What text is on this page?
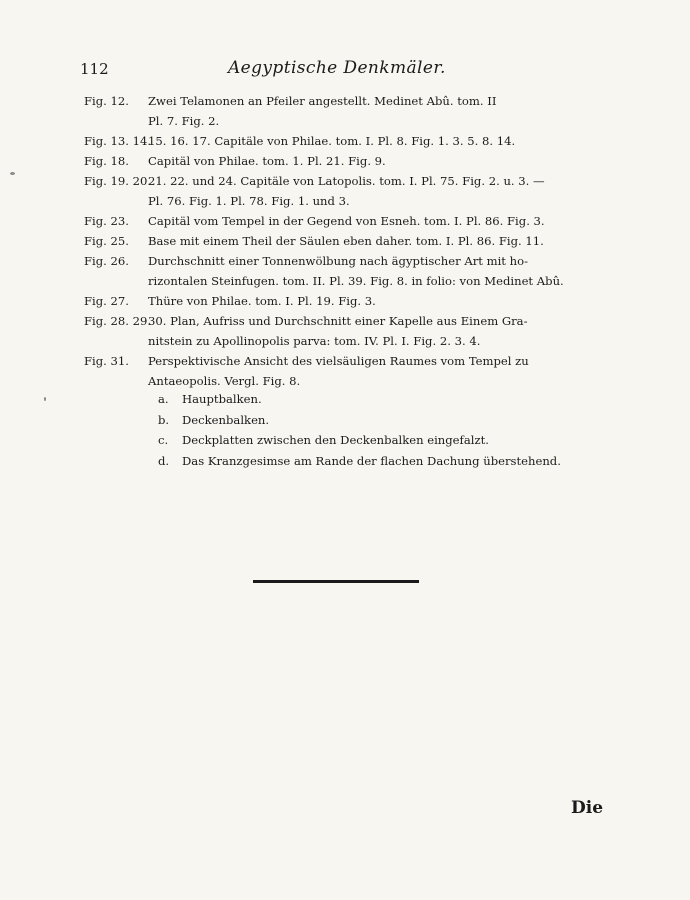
112	Aegyptische Denkmäler.
Fig. 12. Zwei Telamonen an Pfeiler angestellt. Medinet Abû. tom. II
Pl. 7. Fig. 2.
Fig. 13. 14.
15. 16. 17. Capitäle von Philae. tom. I. Pl. 8. Fig. 1. 3. 5. 8. 14.
Fig. 18. Capitäl von Philae. tom. 1. Pl. 21. Fig. 9.
Fig. 19. 20.
21. 22. und 24. Capitäle von Latopolis. tom. I. Pl. 75. Fig. 2. u. 3. —
Pl. 76. Fig. 1. Pl. 78. Fig. 1. und 3.
Fig. 23. Capitäl vom Tempel in der Gegend von Esneh. tom. I. Pl. 86. Fig. 3.
Fig. 25. Base mit einem Theil der Säulen eben daher. tom. I. Pl. 86. Fig. 11.
Fig. 26. Durchschnitt einer Tonnenwölbung nach ägyptischer Art mit ho-
rizontalen Steinfugen. tom. II. Pl. 39. Fig. 8. in folio: von Medinet Abû.
Fig. 27. Thüre von Philae. tom. I. Pl. 19. Fig. 3.
Fig. 28. 29.
30. Plan, Aufriss und Durchschnitt einer Kapelle aus Einem Gra-
nitstein zu Apollinopolis parva: tom. IV. Pl. I. Fig. 2. 3. 4.
Fig. 31. Perspektivische Ansicht des vielsäuligen Raumes vom Tempel zu
Antaeopolis. Vergl. Fig. 8.
a. Hauptbalken.
b. Deckenbalken.
c. Deckplatten zwischen den Deckenbalken eingefalzt.
d. Das Kranzgesimse am Rande der flachen Dachung überstehend.
Die
